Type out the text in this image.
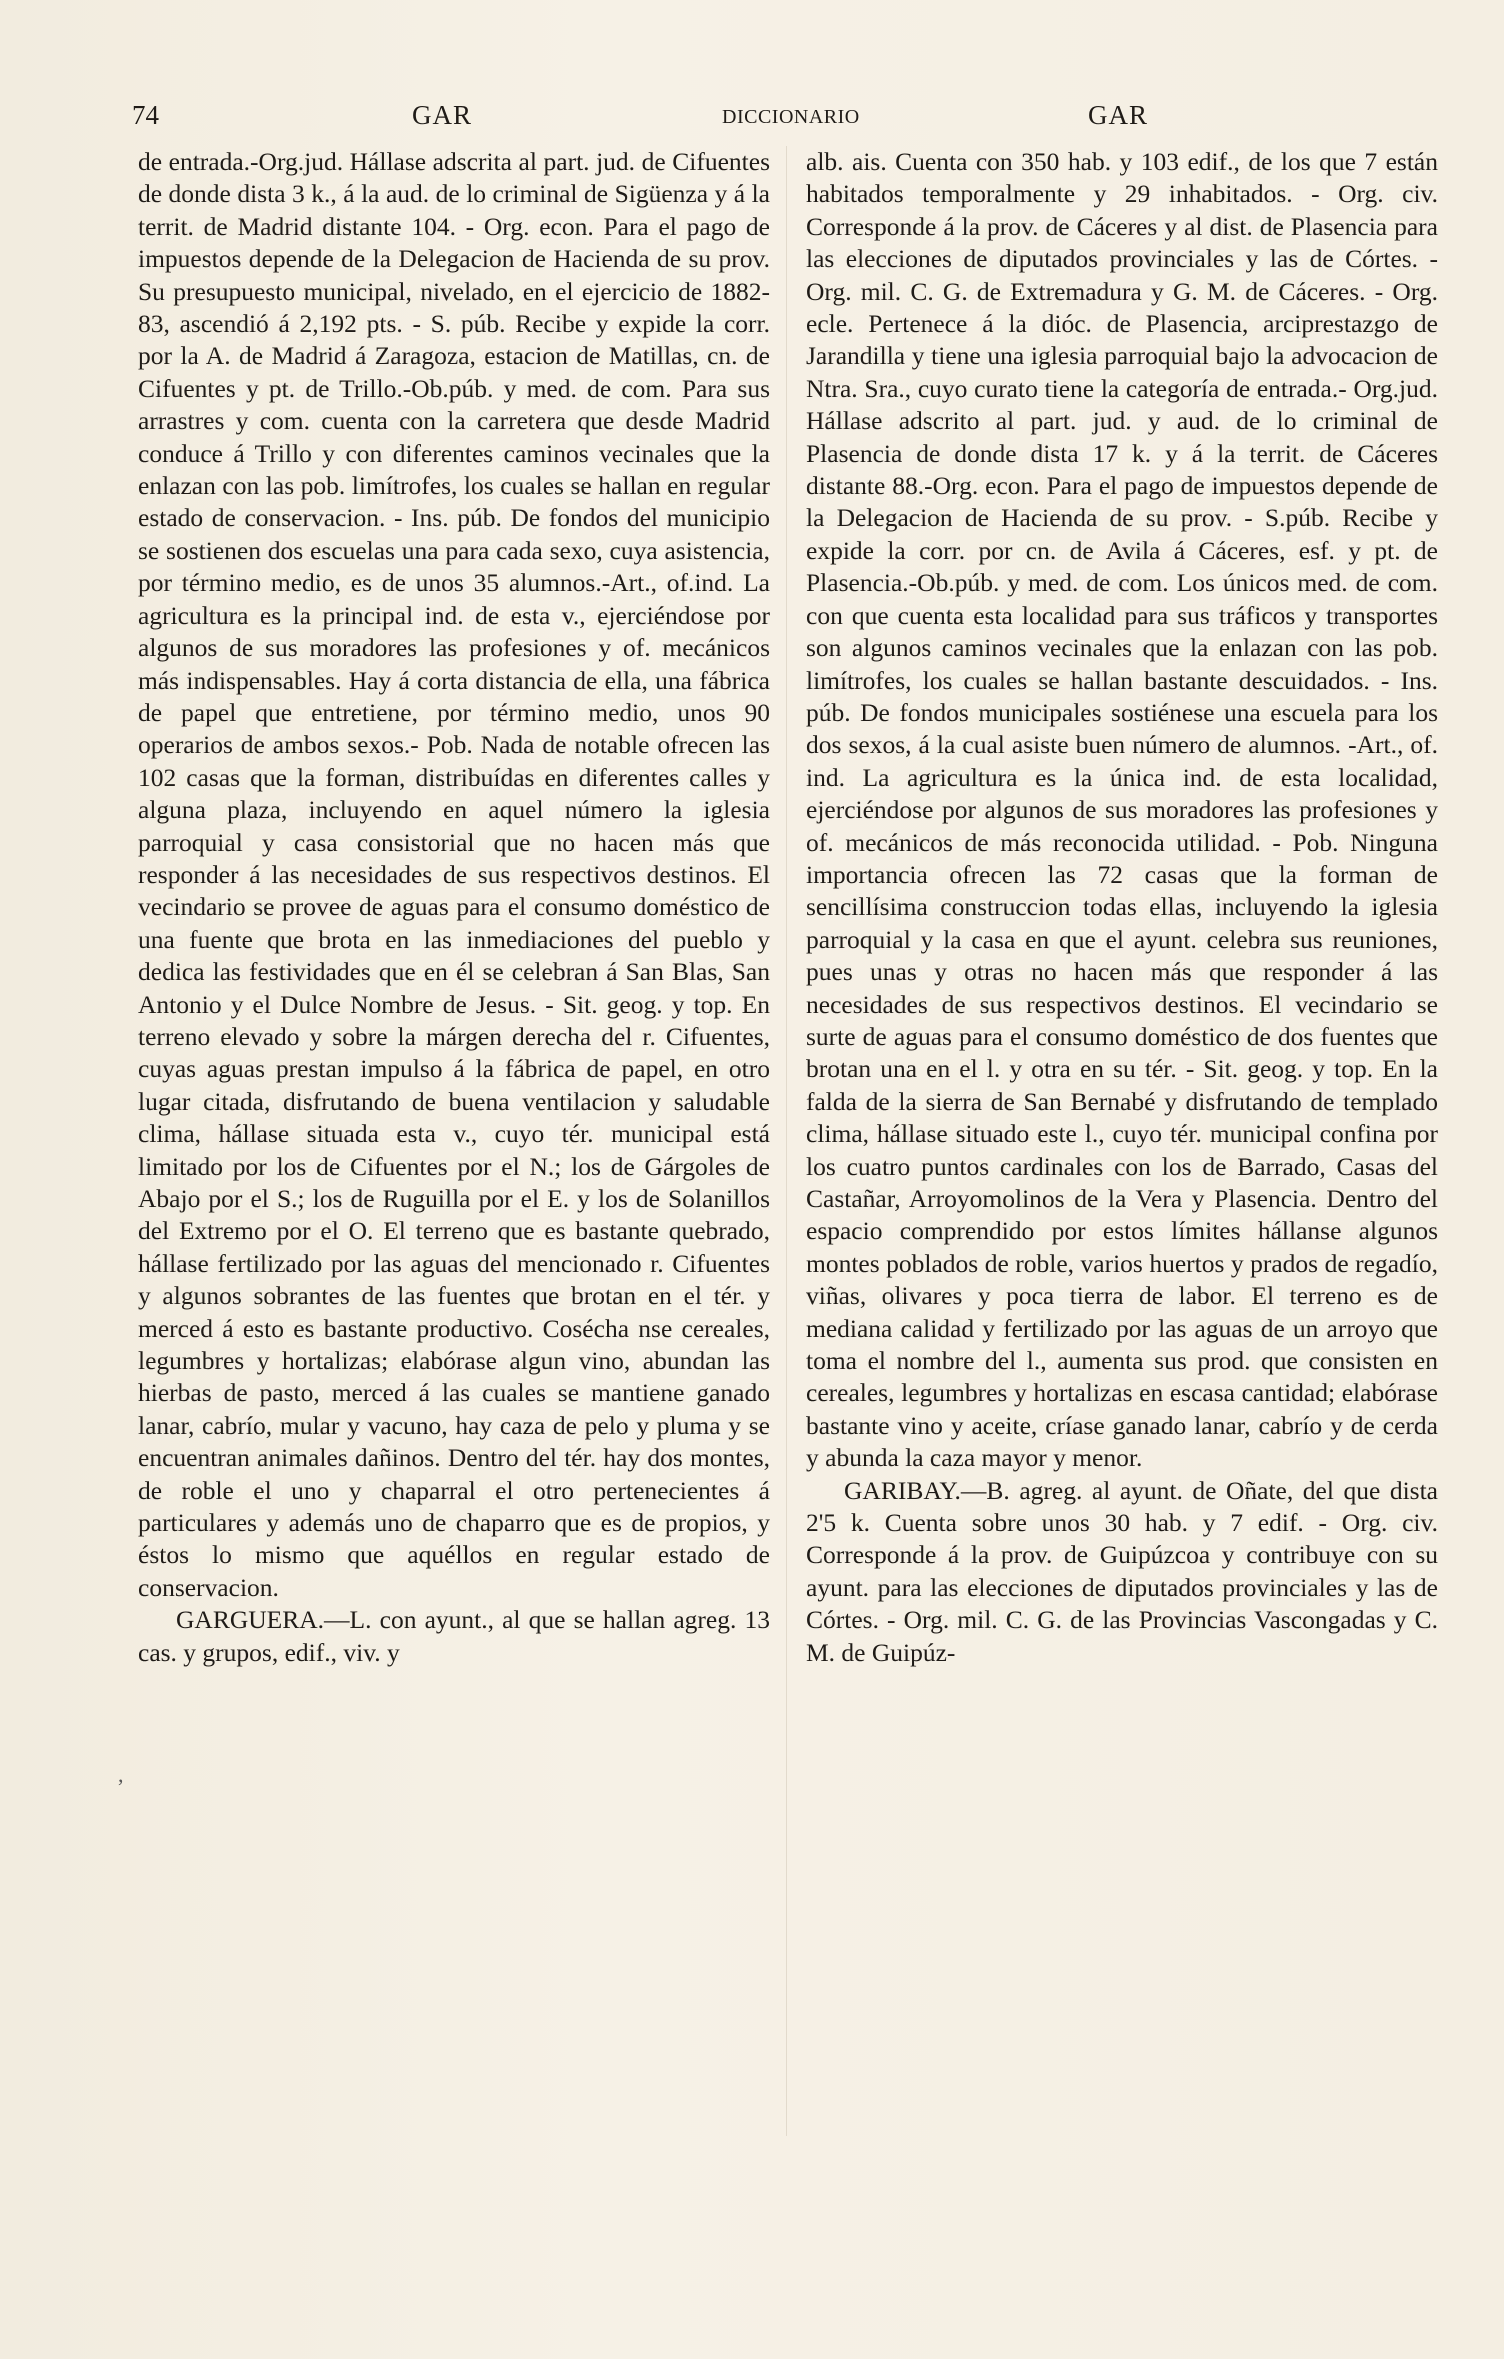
74	GAR	DICCIONARIO	GAR
,

de entrada.-Org.jud. Hállase adscrita al part. jud. de Cifuentes de donde dista 3 k., á la aud. de lo criminal de Sigüenza y á la territ. de Madrid distante 104. - Org. econ. Para el pago de impuestos depende de la Delegacion de Hacienda de su prov. Su presupuesto municipal, nivelado, en el ejercicio de 1882-83, ascendió á 2,192 pts. - S. púb. Recibe y expide la corr. por la A. de Madrid á Zaragoza, estacion de Matillas, cn. de Cifuentes y pt. de Trillo.-Ob.púb. y med. de com. Para sus arrastres y com. cuenta con la carretera que desde Madrid conduce á Trillo y con diferentes caminos vecinales que la enlazan con las pob. limítrofes, los cuales se hallan en regular estado de conservacion. - Ins. púb. De fondos del municipio se sostienen dos escuelas una para cada sexo, cuya asistencia, por término medio, es de unos 35 alumnos.-Art., of.ind. La agricultura es la principal ind. de esta v., ejerciéndose por algunos de sus moradores las profesiones y of. mecánicos más indispensables. Hay á corta distancia de ella, una fábrica de papel que entretiene, por término medio, unos 90 operarios de ambos sexos.- Pob. Nada de notable ofrecen las 102 casas que la forman, distribuídas en diferentes calles y alguna plaza, incluyendo en aquel número la iglesia parroquial y casa consistorial que no hacen más que responder á las necesidades de sus respectivos destinos. El vecindario se provee de aguas para el consumo doméstico de una fuente que brota en las inmediaciones del pueblo y dedica las festividades que en él se celebran á San Blas, San Antonio y el Dulce Nombre de Jesus. - Sit. geog. y top. En terreno elevado y sobre la márgen derecha del r. Cifuentes, cuyas aguas prestan impulso á la fábrica de papel, en otro lugar citada, disfrutando de buena ventilacion y saludable clima, hállase situada esta v., cuyo tér. municipal está limitado por los de Cifuentes por el N.; los de Gárgoles de Abajo por el S.; los de Ruguilla por el E. y los de Solanillos del Extremo por el O. El terreno que es bastante quebrado, hállase fertilizado por las aguas del mencionado r. Cifuentes y algunos sobrantes de las fuentes que brotan en el tér. y merced á esto es bastante productivo. Cosécha nse cereales, legumbres y hortalizas; elabórase algun vino, abundan las hierbas de pasto, merced á las cuales se mantiene ganado lanar, cabrío, mular y vacuno, hay caza de pelo y pluma y se encuentran animales dañinos. Dentro del tér. hay dos montes, de roble el uno y chaparral el otro pertenecientes á particulares y además uno de chaparro que es de propios, y éstos lo mismo que aquéllos en regular estado de conservacion.

GARGUERA.—L. con ayunt., al que se hallan agreg. 13 cas. y grupos, edif., viv. y

alb. ais. Cuenta con 350 hab. y 103 edif., de los que 7 están habitados temporalmente y 29 inhabitados. - Org. civ. Corresponde á la prov. de Cáceres y al dist. de Plasencia para las elecciones de diputados provinciales y las de Córtes. - Org. mil. C. G. de Extremadura y G. M. de Cáceres. - Org. ecle. Pertenece á la dióc. de Plasencia, arciprestazgo de Jarandilla y tiene una iglesia parroquial bajo la advocacion de Ntra. Sra., cuyo curato tiene la categoría de entrada.- Org.jud. Hállase adscrito al part. jud. y aud. de lo criminal de Plasencia de donde dista 17 k. y á la territ. de Cáceres distante 88.-Org. econ. Para el pago de impuestos depende de la Delegacion de Hacienda de su prov. - S.púb. Recibe y expide la corr. por cn. de Avila á Cáceres, esf. y pt. de Plasencia.-Ob.púb. y med. de com. Los únicos med. de com. con que cuenta esta localidad para sus tráficos y transportes son algunos caminos vecinales que la enlazan con las pob. limítrofes, los cuales se hallan bastante descuidados. - Ins. púb. De fondos municipales sostiénese una escuela para los dos sexos, á la cual asiste buen número de alumnos. -Art., of. ind. La agricultura es la única ind. de esta localidad, ejerciéndose por algunos de sus moradores las profesiones y of. mecánicos de más reconocida utilidad. - Pob. Ninguna importancia ofrecen las 72 casas que la forman de sencillísima construccion todas ellas, incluyendo la iglesia parroquial y la casa en que el ayunt. celebra sus reuniones, pues unas y otras no hacen más que responder á las necesidades de sus respectivos destinos. El vecindario se surte de aguas para el consumo doméstico de dos fuentes que brotan una en el l. y otra en su tér. - Sit. geog. y top. En la falda de la sierra de San Bernabé y disfrutando de templado clima, hállase situado este l., cuyo tér. municipal confina por los cuatro puntos cardinales con los de Barrado, Casas del Castañar, Arroyomolinos de la Vera y Plasencia. Dentro del espacio comprendido por estos límites hállanse algunos montes poblados de roble, varios huertos y prados de regadío, viñas, olivares y poca tierra de labor. El terreno es de mediana calidad y fertilizado por las aguas de un arroyo que toma el nombre del l., aumenta sus prod. que consisten en cereales, legumbres y hortalizas en escasa cantidad; elabórase bastante vino y aceite, críase ganado lanar, cabrío y de cerda y abunda la caza mayor y menor.

GARIBAY.—B. agreg. al ayunt. de Oñate, del que dista 2'5 k. Cuenta sobre unos 30 hab. y 7 edif. - Org. civ. Corresponde á la prov. de Guipúzcoa y contribuye con su ayunt. para las elecciones de diputados provinciales y las de Córtes. - Org. mil. C. G. de las Provincias Vascongadas y C. M. de Guipúz-
